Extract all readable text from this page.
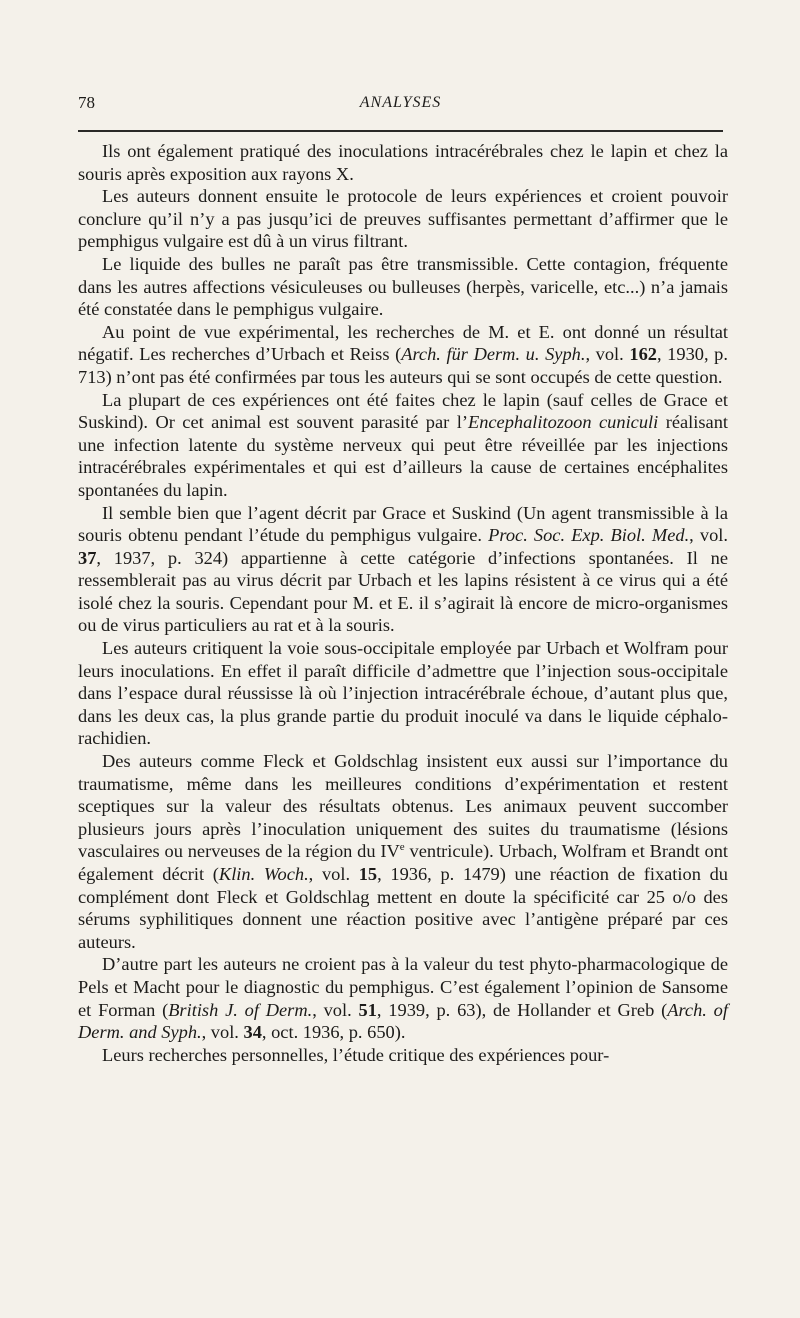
78	ANALYSES

Ils ont également pratiqué des inoculations intracérébrales chez le lapin et chez la souris après exposition aux rayons X.

Les auteurs donnent ensuite le protocole de leurs expériences et croient pouvoir conclure qu’il n’y a pas jusqu’ici de preuves suffisantes permettant d’affirmer que le pemphigus vulgaire est dû à un virus filtrant.

Le liquide des bulles ne paraît pas être transmissible. Cette contagion, fréquente dans les autres affections vésiculeuses ou bulleuses (herpès, varicelle, etc...) n’a jamais été constatée dans le pemphigus vulgaire.

Au point de vue expérimental, les recherches de M. et E. ont donné un résultat négatif. Les recherches d’Urbach et Reiss (Arch. für Derm. u. Syph., vol. 162, 1930, p. 713) n’ont pas été confirmées par tous les auteurs qui se sont occupés de cette question.

La plupart de ces expériences ont été faites chez le lapin (sauf celles de Grace et Suskind). Or cet animal est souvent parasité par l’Encephalitozoon cuniculi réalisant une infection latente du système nerveux qui peut être réveillée par les injections intracérébrales expérimentales et qui est d’ailleurs la cause de certaines encéphalites spontanées du lapin.

Il semble bien que l’agent décrit par Grace et Suskind (Un agent transmissible à la souris obtenu pendant l’étude du pemphigus vulgaire. Proc. Soc. Exp. Biol. Med., vol. 37, 1937, p. 324) appartienne à cette catégorie d’infections spontanées. Il ne ressemblerait pas au virus décrit par Urbach et les lapins résistent à ce virus qui a été isolé chez la souris. Cependant pour M. et E. il s’agirait là encore de micro-organismes ou de virus particuliers au rat et à la souris.

Les auteurs critiquent la voie sous-occipitale employée par Urbach et Wolfram pour leurs inoculations. En effet il paraît difficile d’admettre que l’injection sous-occipitale dans l’espace dural réussisse là où l’injection intracérébrale échoue, d’autant plus que, dans les deux cas, la plus grande partie du produit inoculé va dans le liquide céphalo-rachidien.

Des auteurs comme Fleck et Goldschlag insistent eux aussi sur l’importance du traumatisme, même dans les meilleures conditions d’expérimentation et restent sceptiques sur la valeur des résultats obtenus. Les animaux peuvent succomber plusieurs jours après l’inoculation uniquement des suites du traumatisme (lésions vasculaires ou nerveuses de la région du IVe ventricule). Urbach, Wolfram et Brandt ont également décrit (Klin. Woch., vol. 15, 1936, p. 1479) une réaction de fixation du complément dont Fleck et Goldschlag mettent en doute la spécificité car 25 o/o des sérums syphilitiques donnent une réaction positive avec l’antigène préparé par ces auteurs.

D’autre part les auteurs ne croient pas à la valeur du test phyto-pharmacologique de Pels et Macht pour le diagnostic du pemphigus. C’est également l’opinion de Sansome et Forman (British J. of Derm., vol. 51, 1939, p. 63), de Hollander et Greb (Arch. of Derm. and Syph., vol. 34, oct. 1936, p. 650).

Leurs recherches personnelles, l’étude critique des expériences pour-
